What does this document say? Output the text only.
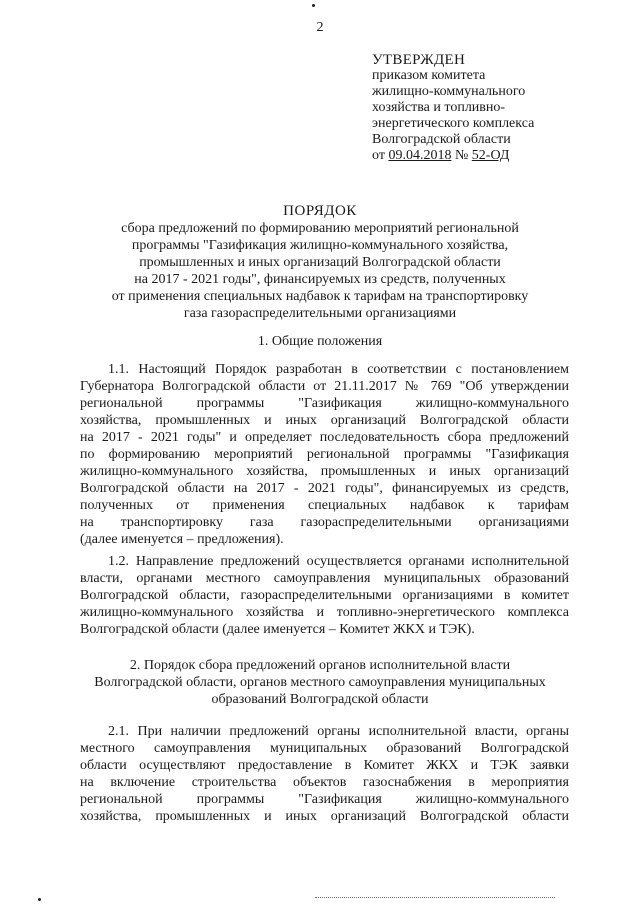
2
УТВЕРЖДЕН
приказом комитета
жилищно-коммунального
хозяйства и топливно-
энергетического комплекса
Волгоградской области
от 09.04.2018 № 52-ОД
ПОРЯДОК
сбора предложений по формированию мероприятий региональной
программы "Газификация жилищно-коммунального хозяйства,
промышленных и иных организаций Волгоградской области
на 2017 - 2021 годы", финансируемых из средств, полученных
от применения специальных надбавок к тарифам на транспортировку
газа газораспределительными организациями
1. Общие положения
1.1. Настоящий Порядок разработан в соответствии с постановлением
Губернатора Волгоградской области от 21.11.2017 № 769 "Об утверждении
региональной программы "Газификация жилищно-коммунального
хозяйства, промышленных и иных организаций Волгоградской области
на 2017 - 2021 годы" и определяет последовательность сбора предложений
по формированию мероприятий региональной программы "Газификация
жилищно-коммунального хозяйства, промышленных и иных организаций
Волгоградской области на 2017 - 2021 годы", финансируемых из средств,
полученных от применения специальных надбавок к тарифам
на транспортировку газа газораспределительными организациями
(далее именуется – предложения).
1.2. Направление предложений осуществляется органами исполнительной
власти, органами местного самоуправления муниципальных образований
Волгоградской области, газораспределительными организациями в комитет
жилищно-коммунального хозяйства и топливно-энергетического комплекса
Волгоградской области (далее именуется – Комитет ЖКХ и ТЭК).
2. Порядок сбора предложений органов исполнительной власти
Волгоградской области, органов местного самоуправления муниципальных
образований Волгоградской области
2.1. При наличии предложений органы исполнительной власти, органы
местного самоуправления муниципальных образований Волгоградской
области осуществляют предоставление в Комитет ЖКХ и ТЭК заявки
на включение строительства объектов газоснабжения в мероприятия
региональной программы "Газификация жилищно-коммунального
хозяйства, промышленных и иных организаций Волгоградской области
